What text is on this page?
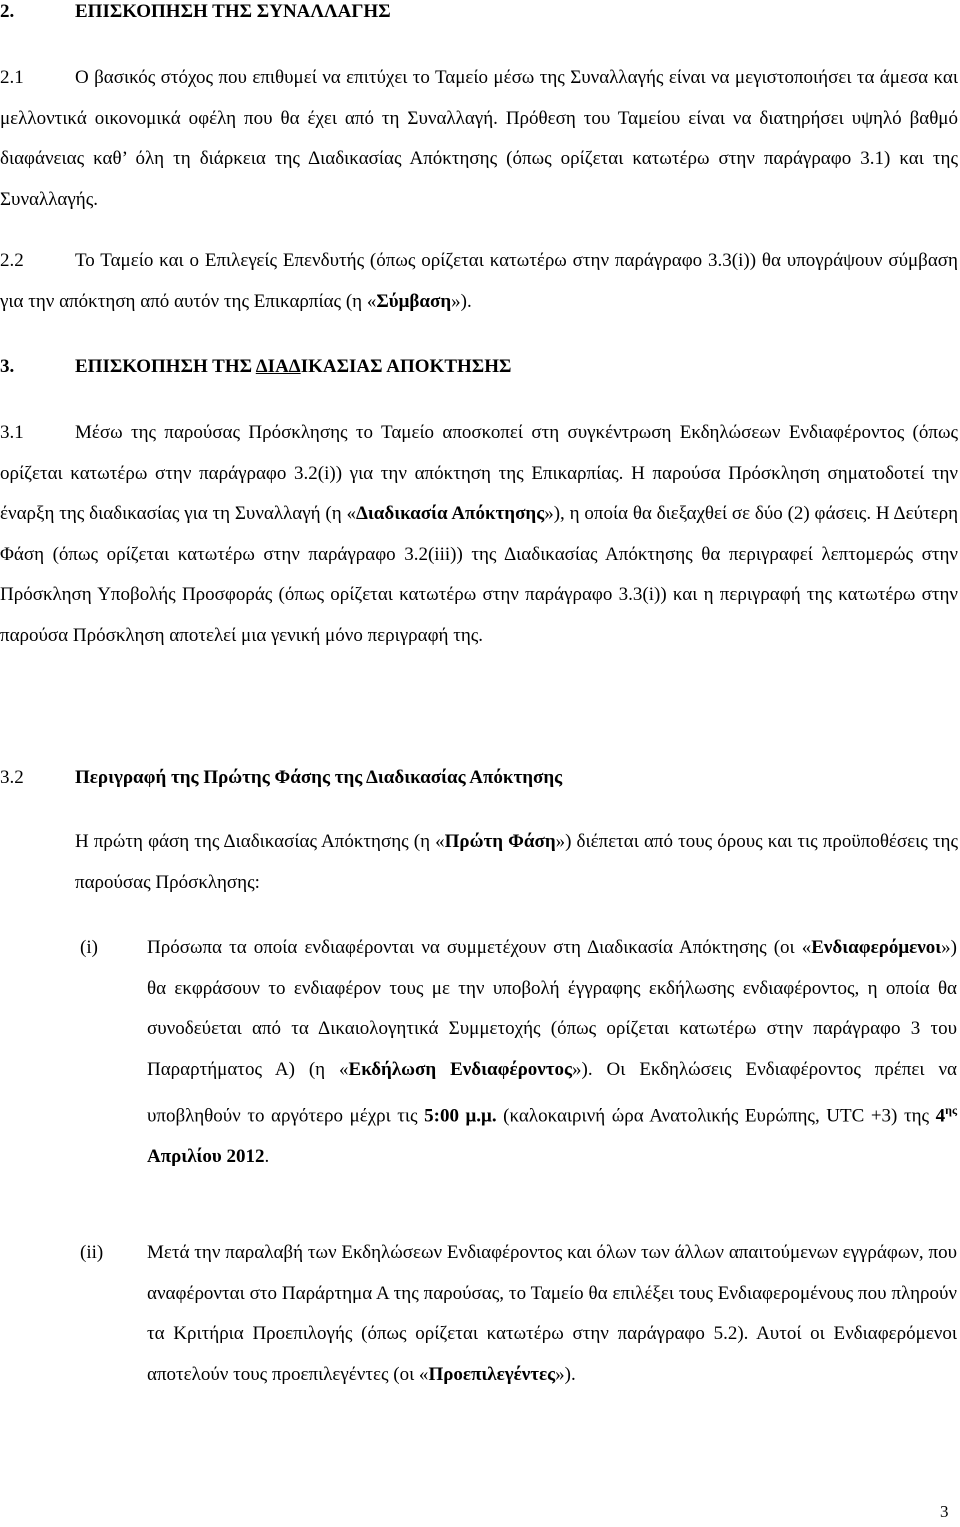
2.	ΕΠΙΣΚΟΠΗΣΗ ΤΗΣ ΣΥΝΑΛΛΑΓΗΣ
2.1	Ο βασικός στόχος που επιθυμεί να επιτύχει το Ταμείο μέσω της Συναλλαγής είναι να μεγιστοποιήσει τα άμεσα και μελλοντικά οικονομικά οφέλη που θα έχει από τη Συναλλαγή. Πρόθεση του Ταμείου είναι να διατηρήσει υψηλό βαθμό διαφάνειας καθ’ όλη τη διάρκεια της Διαδικασίας Απόκτησης (όπως ορίζεται κατωτέρω στην παράγραφο 3.1) και της Συναλλαγής.
2.2	Το Ταμείο και ο Επιλεγείς Επενδυτής (όπως ορίζεται κατωτέρω στην παράγραφο 3.3(i)) θα υπογράψουν σύμβαση για την απόκτηση από αυτόν της Επικαρπίας (η «Σύμβαση»).
3.	ΕΠΙΣΚΟΠΗΣΗ ΤΗΣ ΔΙΑΔΙΚΑΣΙΑΣ ΑΠΟΚΤΗΣΗΣ
3.1	Μέσω της παρούσας Πρόσκλησης το Ταμείο αποσκοπεί στη συγκέντρωση Εκδηλώσεων Ενδιαφέροντος (όπως ορίζεται κατωτέρω στην παράγραφο 3.2(i)) για την απόκτηση της Επικαρπίας. Η παρούσα Πρόσκληση σηματοδοτεί την έναρξη της διαδικασίας για τη Συναλλαγή (η «Διαδικασία Απόκτησης»), η οποία θα διεξαχθεί σε δύο (2) φάσεις. Η Δεύτερη Φάση (όπως ορίζεται κατωτέρω στην παράγραφο 3.2(iii)) της Διαδικασίας Απόκτησης θα περιγραφεί λεπτομερώς στην Πρόσκληση Υποβολής Προσφοράς (όπως ορίζεται κατωτέρω στην παράγραφο 3.3(i)) και η περιγραφή της κατωτέρω στην παρούσα Πρόσκληση αποτελεί μια γενική μόνο περιγραφή της.
3.2	Περιγραφή της Πρώτης Φάσης της Διαδικασίας Απόκτησης
Η πρώτη φάση της Διαδικασίας Απόκτησης (η «Πρώτη Φάση») διέπεται από τους όρους και τις προϋποθέσεις της παρούσας Πρόσκλησης:
(i)	Πρόσωπα τα οποία ενδιαφέρονται να συμμετέχουν στη Διαδικασία Απόκτησης (οι «Ενδιαφερόμενοι») θα εκφράσουν το ενδιαφέρον τους με την υποβολή έγγραφης εκδήλωσης ενδιαφέροντος, η οποία θα συνοδεύεται από τα Δικαιολογητικά Συμμετοχής (όπως ορίζεται κατωτέρω στην παράγραφο 3 του Παραρτήματος Α) (η «Εκδήλωση Ενδιαφέροντος»). Οι Εκδηλώσεις Ενδιαφέροντος πρέπει να υποβληθούν το αργότερο μέχρι τις 5:00 μ.μ. (καλοκαιρινή ώρα Ανατολικής Ευρώπης, UTC +3) της $4^{\eta\varsigma}$ Απριλίου 2012.
(ii) Μετά την παραλαβή των Εκδηλώσεων Ενδιαφέροντος και όλων των άλλων απαιτούμενων εγγράφων, που αναφέρονται στο Παράρτημα Α της παρούσας, το Ταμείο θα επιλέξει τους Ενδιαφερομένους που πληρούν τα Κριτήρια Προεπιλογής (όπως ορίζεται κατωτέρω στην παράγραφο 5.2). Αυτοί οι Ενδιαφερόμενοι αποτελούν τους προεπιλεγέντες (οι «Προεπιλεγέντες»).
3
